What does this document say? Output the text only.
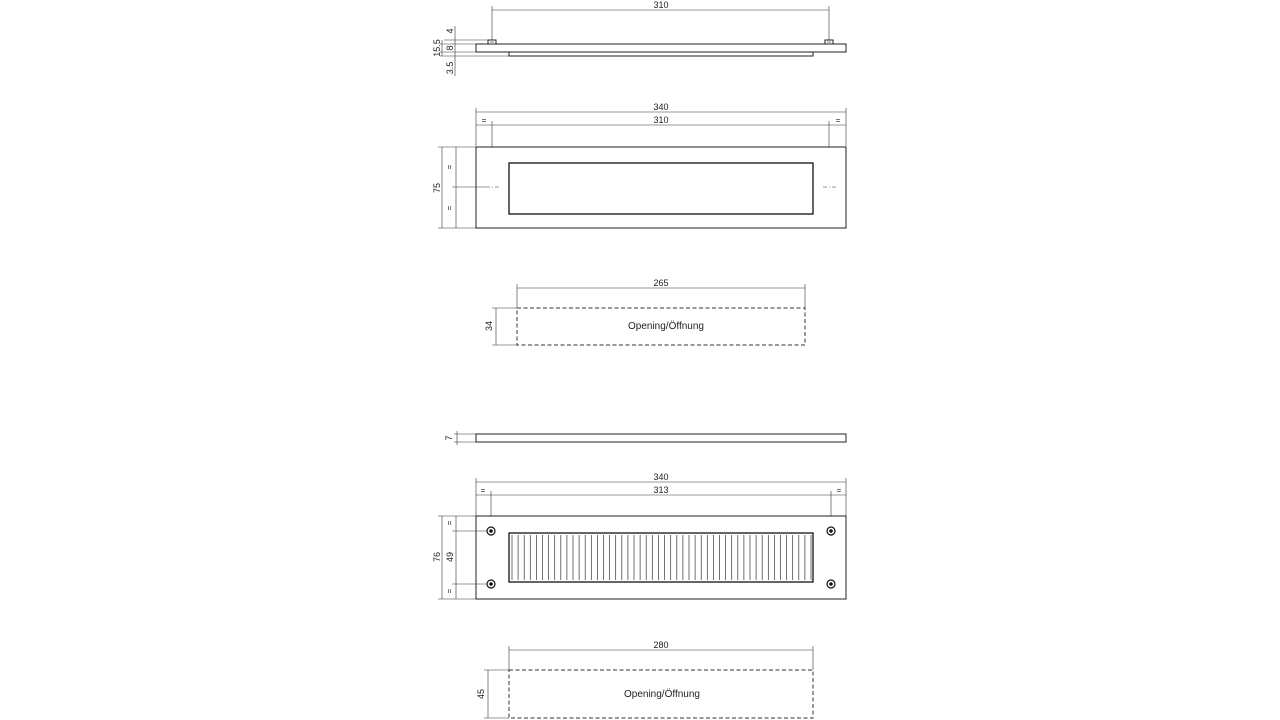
310
4
15.5 8
3.5
340
310
=	=
75
=
=
265
34	Opening/Öffnung
7
340
313
=	=
76 49
=
=
280
45	Opening/Öffnung
